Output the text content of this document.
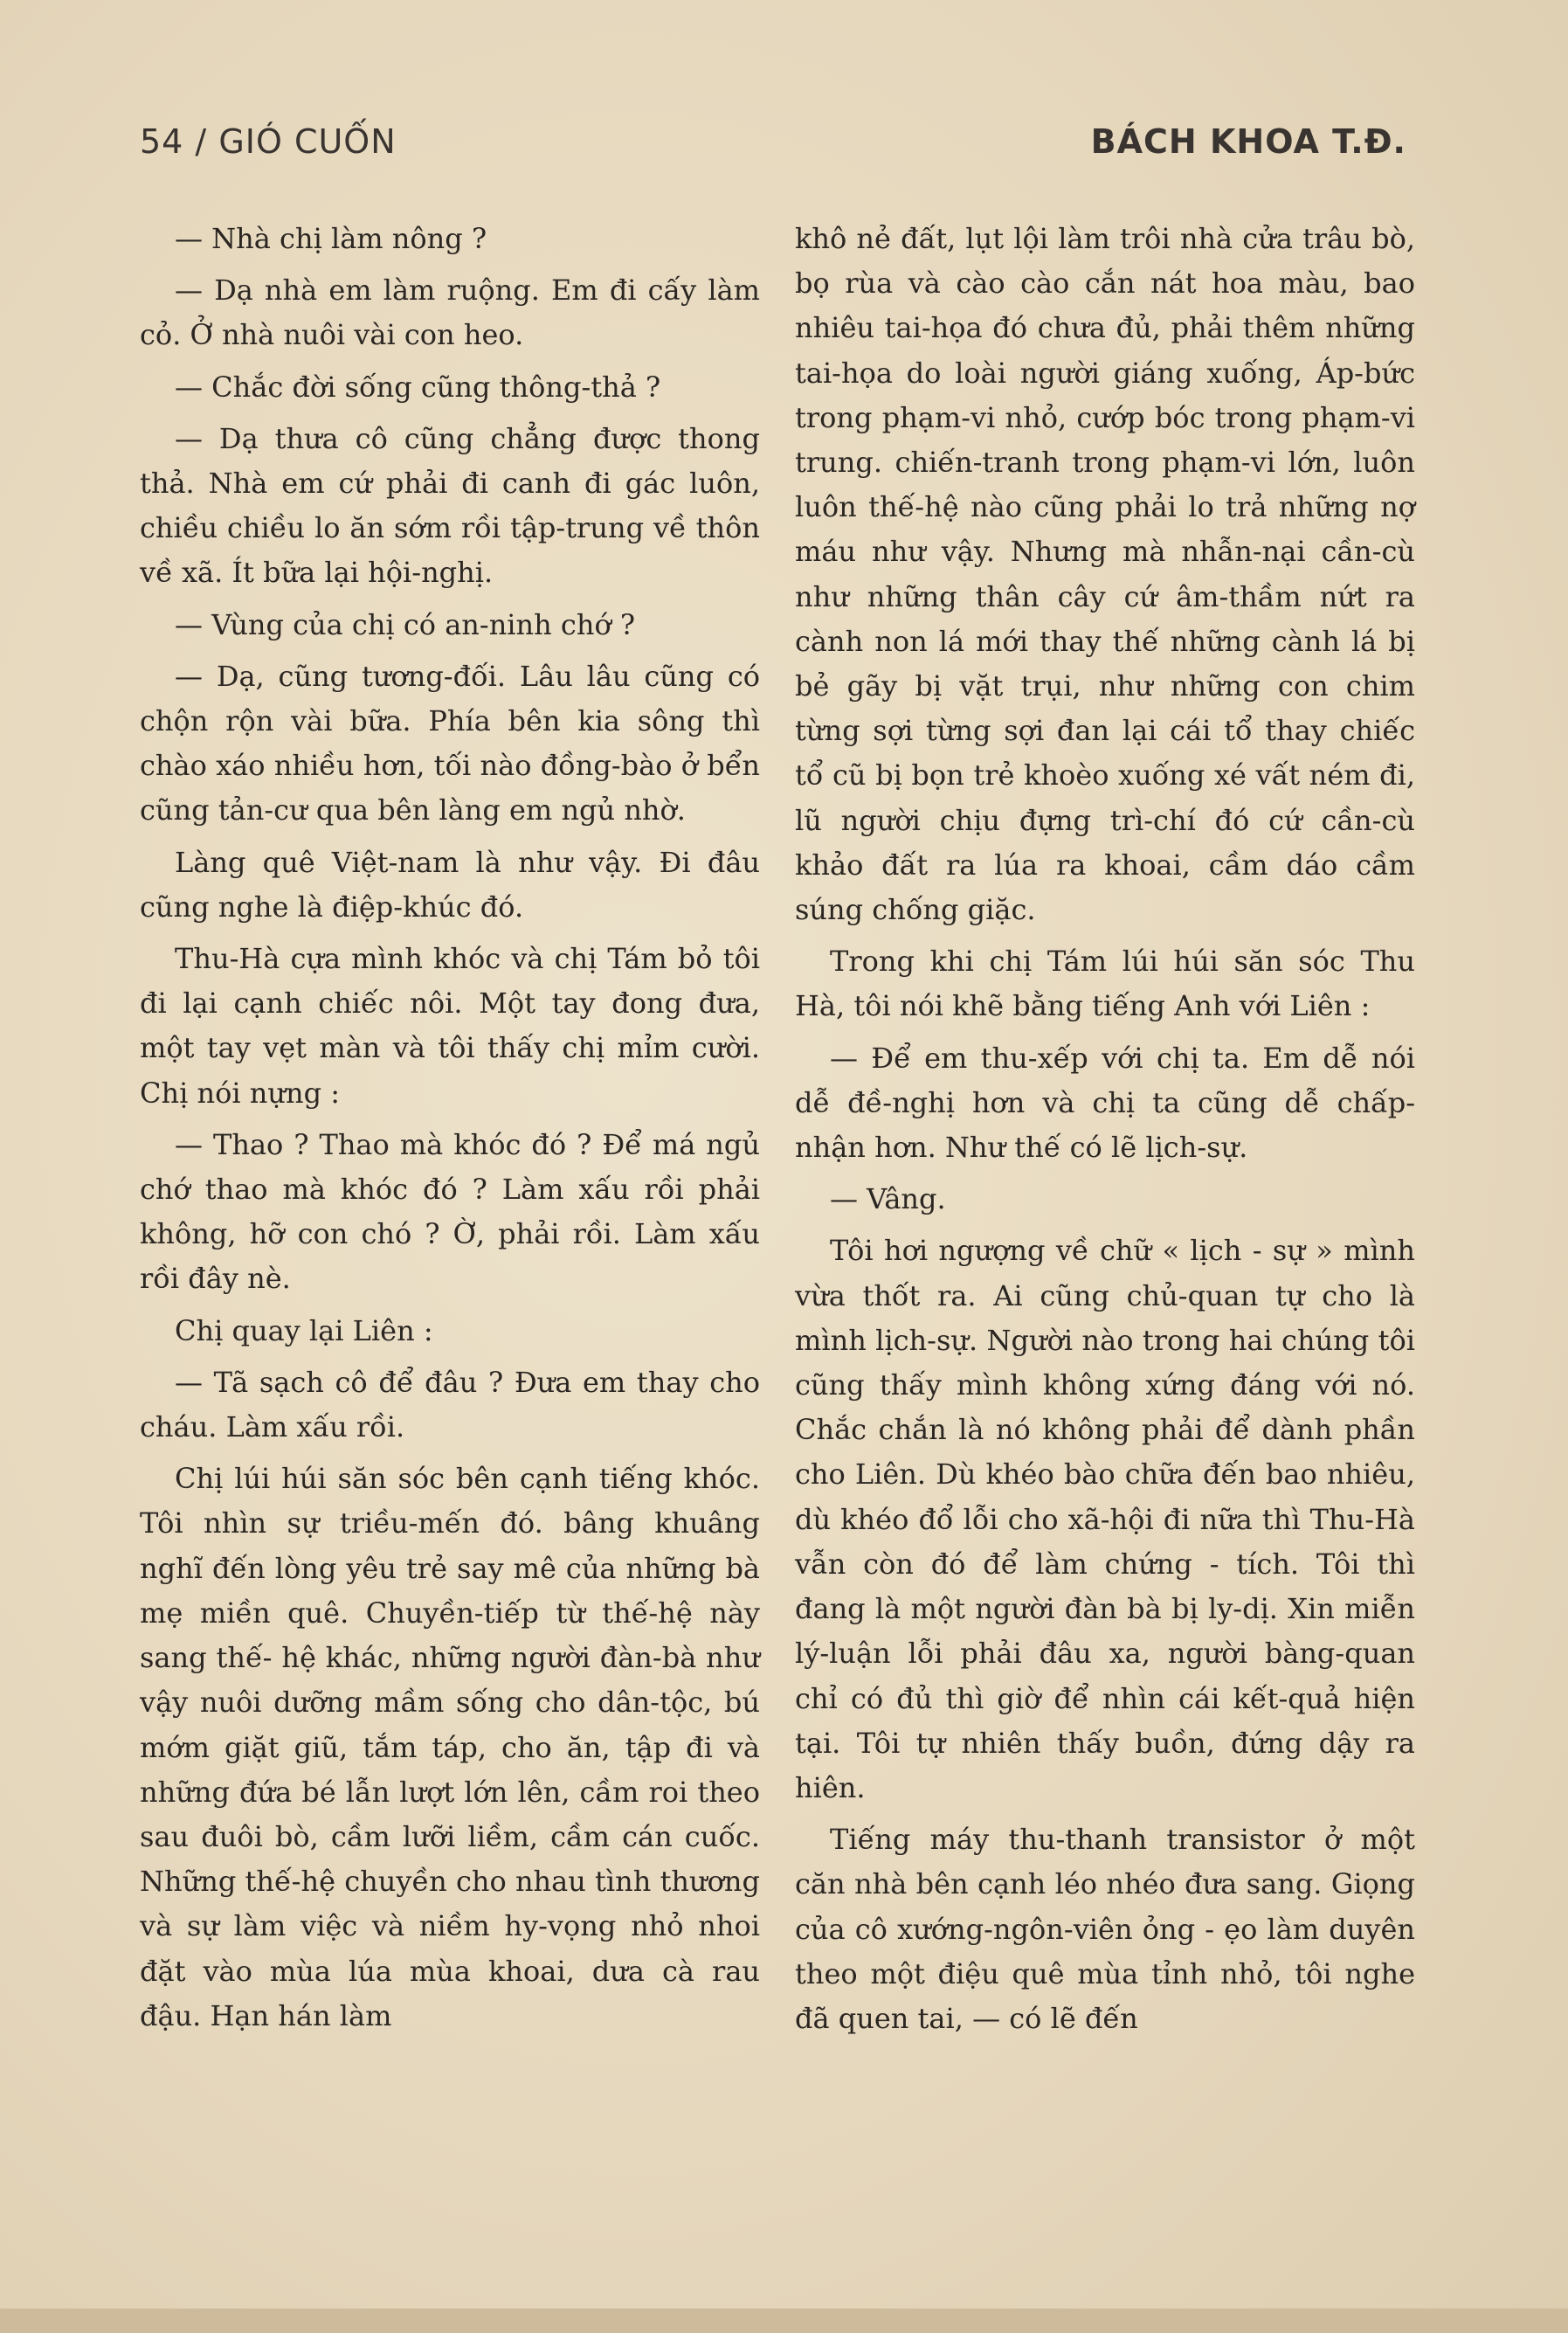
54 / GIÓ CUỐN	BÁCH KHOA T.Đ.

— Nhà chị làm nông ?

— Dạ nhà em làm ruộng. Em đi cấy làm cỏ. Ở nhà nuôi vài con heo.

— Chắc đời sống cũng thông-thả ?

— Dạ thưa cô cũng chẳng được thong thả. Nhà em cứ phải đi canh đi gác luôn, chiều chiều lo ăn sớm rồi tập-trung về thôn về xã. Ít bữa lại hội-nghị.

— Vùng của chị có an-ninh chớ ?

— Dạ, cũng tương-đối. Lâu lâu cũng có chộn rộn vài bữa. Phía bên kia sông thì chào xáo nhiều hơn, tối nào đồng-bào ở bển cũng tản-cư qua bên làng em ngủ nhờ.

Làng quê Việt-nam là như vậy. Đi đâu cũng nghe là điệp-khúc đó.

Thu-Hà cựa mình khóc và chị Tám bỏ tôi đi lại cạnh chiếc nôi. Một tay đong đưa, một tay vẹt màn và tôi thấy chị mỉm cười. Chị nói nựng :

— Thao ? Thao mà khóc đó ? Để má ngủ chớ thao mà khóc đó ? Làm xấu rồi phải không, hỡ con chó ? Ờ, phải rồi. Làm xấu rồi đây nè.

Chị quay lại Liên :

— Tã sạch cô để đâu ? Đưa em thay cho cháu. Làm xấu rồi.

Chị lúi húi săn sóc bên cạnh tiếng khóc. Tôi nhìn sự triều-mến đó. bâng khuâng nghĩ đến lòng yêu trẻ say mê của những bà mẹ miền quê. Chuyền-tiếp từ thế-hệ này sang thế- hệ khác, những người đàn-bà như vậy nuôi dưỡng mầm sống cho dân-tộc, bú mớm giặt giũ, tắm táp, cho ăn, tập đi và những đứa bé lẫn lượt lớn lên, cầm roi theo sau đuôi bò, cầm lưỡi liềm, cầm cán cuốc. Những thế-hệ chuyền cho nhau tình thương và sự làm việc và niềm hy-vọng nhỏ nhoi đặt vào mùa lúa mùa khoai, dưa cà rau đậu. Hạn hán làm

khô nẻ đất, lụt lội làm trôi nhà cửa trâu bò, bọ rùa và cào cào cắn nát hoa màu, bao nhiêu tai-họa đó chưa đủ, phải thêm những tai-họa do loài người giáng xuống, Áp-bức trong phạm-vi nhỏ, cướp bóc trong phạm-vi trung. chiến-tranh trong phạm-vi lớn, luôn luôn thế-hệ nào cũng phải lo trả những nợ máu như vậy. Nhưng mà nhẫn-nại cần-cù như những thân cây cứ âm-thầm nứt ra cành non lá mới thay thế những cành lá bị bẻ gãy bị vặt trụi, như những con chim từng sợi từng sợi đan lại cái tổ thay chiếc tổ cũ bị bọn trẻ khoèo xuống xé vất ném đi, lũ người chịu đựng trì-chí đó cứ cần-cù khảo đất ra lúa ra khoai, cầm dáo cầm súng chống giặc.

Trong khi chị Tám lúi húi săn sóc Thu Hà, tôi nói khẽ bằng tiếng Anh với Liên :

— Để em thu-xếp với chị ta. Em dễ nói dễ đề-nghị hơn và chị ta cũng dễ chấp-nhận hơn. Như thế có lẽ lịch-sự.

— Vâng.

Tôi hơi ngượng về chữ « lịch - sự » mình vừa thốt ra. Ai cũng chủ-quan tự cho là mình lịch-sự. Người nào trong hai chúng tôi cũng thấy mình không xứng đáng với nó. Chắc chắn là nó không phải để dành phần cho Liên. Dù khéo bào chữa đến bao nhiêu, dù khéo đổ lỗi cho xã-hội đi nữa thì Thu-Hà vẫn còn đó để làm chứng - tích. Tôi thì đang là một người đàn bà bị ly-dị. Xin miễn lý-luận lỗi phải đâu xa, người bàng-quan chỉ có đủ thì giờ để nhìn cái kết-quả hiện tại. Tôi tự nhiên thấy buồn, đứng dậy ra hiên.

Tiếng máy thu-thanh transistor ở một căn nhà bên cạnh léo nhéo đưa sang. Giọng của cô xướng-ngôn-viên ỏng - ẹo làm duyên theo một điệu quê mùa tỉnh nhỏ, tôi nghe đã quen tai, — có lẽ đến
